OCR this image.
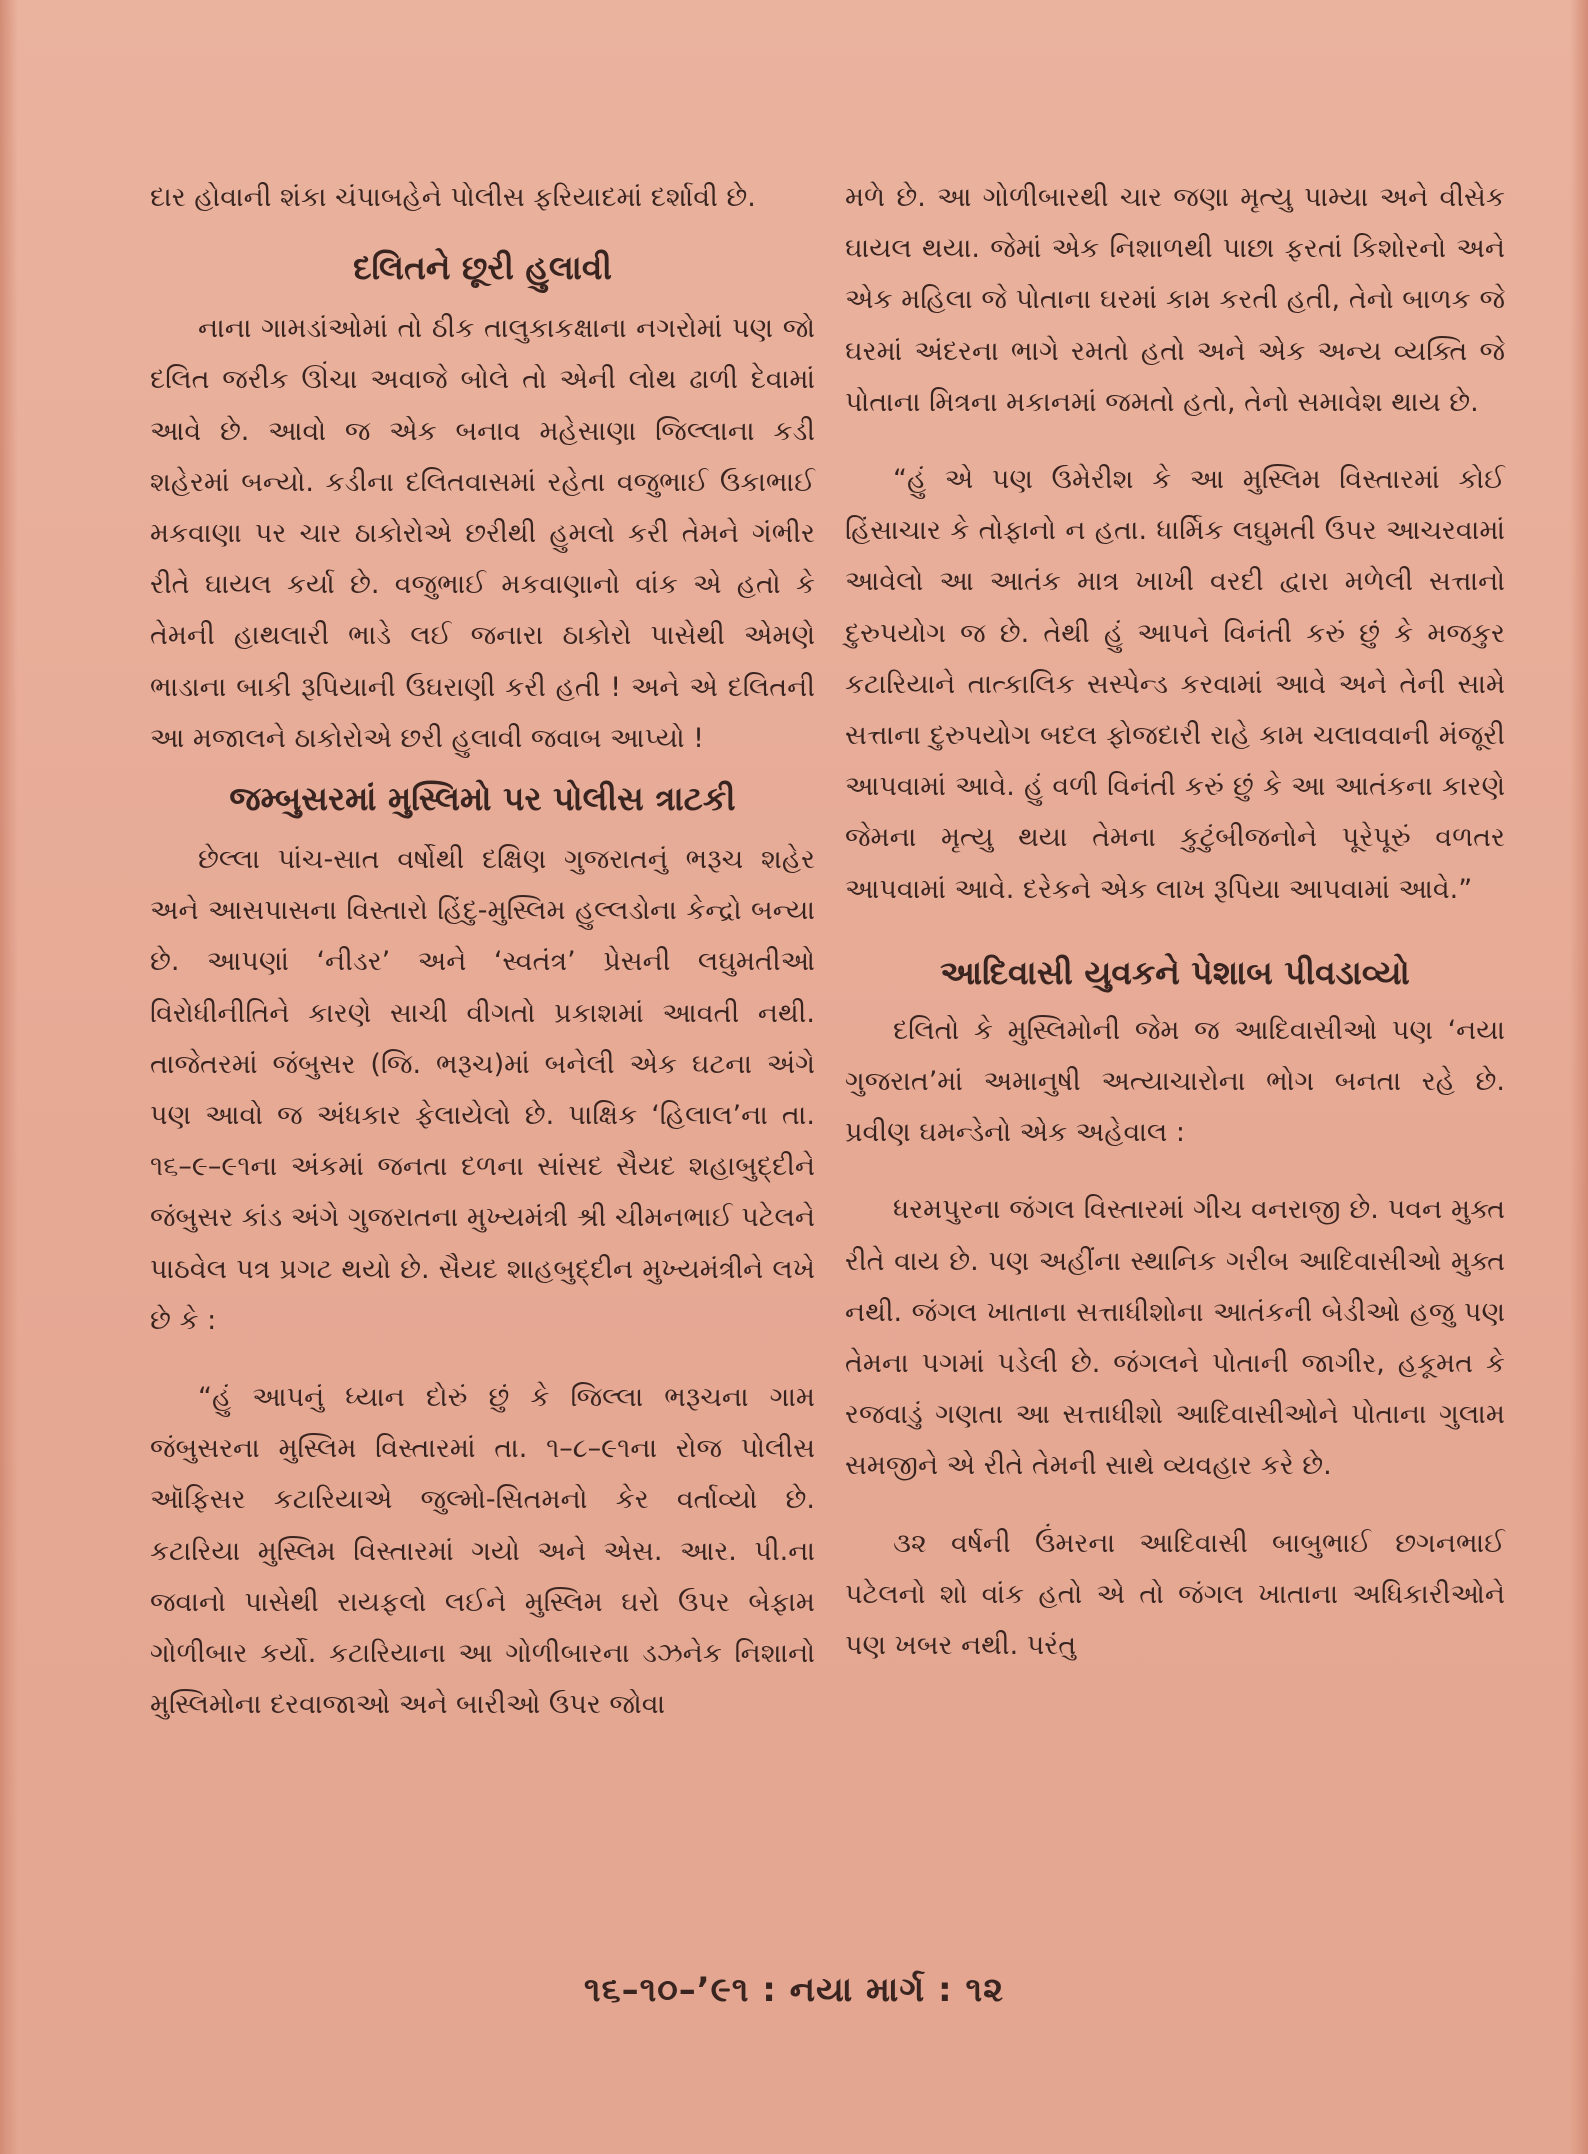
દાર હોવાની શંકા ચંપાબહેને પોલીસ ફરિયાદમાં દર્શાવી છે.

દલિતને છૂરી હુલાવી

નાના ગામડાંઓમાં તો ઠીક તાલુકાકક્ષાના નગરોમાં પણ જો દલિત જરીક ઊંચા અવાજે બોલે તો એની લોથ ઢાળી દેવામાં આવે છે. આવો જ એક બનાવ મહેસાણા જિલ્લાના કડી શહેરમાં બન્યો. કડીના દલિતવાસમાં રહેતા વજુભાઈ ઉકાભાઈ મકવાણા પર ચાર ઠાકોરોએ છરીથી હુમલો કરી તેમને ગંભીર રીતે ઘાયલ કર્યા છે. વજુભાઈ મકવાણાનો વાંક એ હતો કે તેમની હાથલારી ભાડે લઈ જનારા ઠાકોરો પાસેથી એમણે ભાડાના બાકી રૂપિયાની ઉઘરાણી કરી હતી ! અને એ દલિતની આ મજાલને ઠાકોરોએ છરી હુલાવી જવાબ આપ્યો !

જમ્બુસરમાં મુસ્લિમો પર પોલીસ ત્રાટકી

છેલ્લા પાંચ-સાત વર્ષોથી દક્ષિણ ગુજરાતનું ભરૂચ શહેર અને આસપાસના વિસ્તારો હિંદુ-મુસ્લિમ હુલ્લડોના કેન્દ્રો બન્યા છે. આપણાં ‘નીડર’ અને ‘સ્વતંત્ર’ પ્રેસની લઘુમતીઓ વિરોધીનીતિને કારણે સાચી વીગતો પ્રકાશમાં આવતી નથી. તાજેતરમાં જંબુસર (જિ. ભરૂચ)માં બનેલી એક ઘટના અંગે પણ આવો જ અંધકાર ફેલાયેલો છે. પાક્ષિક ‘હિલાલ’ના તા. ૧૬–૯–૯૧ના અંકમાં જનતા દળના સાંસદ સૈયદ શહાબુદ્દીને જંબુસર કાંડ અંગે ગુજરાતના મુખ્યમંત્રી શ્રી ચીમનભાઈ પટેલને પાઠવેલ પત્ર પ્રગટ થયો છે. સૈયદ શાહબુદ્દીન મુખ્યમંત્રીને લખે છે કે :

“હું આપનું ધ્યાન દોરું છું કે જિલ્લા ભરૂચના ગામ જંબુસરના મુસ્લિમ વિસ્તારમાં તા. ૧–૮–૯૧ના રોજ પોલીસ ઑફિસર કટારિયાએ જુલ્મો-સિતમનો કેર વર્તાવ્યો છે. કટારિયા મુસ્લિમ વિસ્તારમાં ગયો અને એસ. આર. પી.ના જવાનો પાસેથી રાયફલો લઈને મુસ્લિમ ઘરો ઉપર બેફામ ગોળીબાર કર્યો. કટારિયાના આ ગોળીબારના ડઝનેક નિશાનો મુસ્લિમોના દરવાજાઓ અને બારીઓ ઉપર જોવા

મળે છે. આ ગોળીબારથી ચાર જણા મૃત્યુ પામ્યા અને વીસેક ઘાયલ થયા. જેમાં એક નિશાળથી પાછા ફરતાં કિશોરનો અને એક મહિલા જે પોતાના ઘરમાં કામ કરતી હતી, તેનો બાળક જે ઘરમાં અંદરના ભાગે રમતો હતો અને એક અન્ય વ્યક્તિ જે પોતાના મિત્રના મકાનમાં જમતો હતો, તેનો સમાવેશ થાય છે.

“હું એ પણ ઉમેરીશ કે આ મુસ્લિમ વિસ્તારમાં કોઈ હિંસાચાર કે તોફાનો ન હતા. ધાર્મિક લઘુમતી ઉપર આચરવામાં આવેલો આ આતંક માત્ર ખાખી વરદી દ્વારા મળેલી સત્તાનો દુરુપયોગ જ છે. તેથી હું આપને વિનંતી કરું છું કે મજકુર કટારિયાને તાત્કાલિક સસ્પેન્ડ કરવામાં આવે અને તેની સામે સત્તાના દુરુપયોગ બદલ ફોજદારી રાહે કામ ચલાવવાની મંજૂરી આપવામાં આવે. હું વળી વિનંતી કરું છું કે આ આતંકના કારણે જેમના મૃત્યુ થયા તેમના કુટુંબીજનોને પૂરેપૂરું વળતર આપવામાં આવે. દરેકને એક લાખ રૂપિયા આપવામાં આવે.”

આદિવાસી યુવકને પેશાબ પીવડાવ્યો

દલિતો કે મુસ્લિમોની જેમ જ આદિવાસીઓ પણ ‘નયા ગુજરાત’માં અમાનુષી અત્યાચારોના ભોગ બનતા રહે છે. પ્રવીણ ઘમન્ડેનો એક અહેવાલ :

ધરમપુરના જંગલ વિસ્તારમાં ગીચ વનરાજી છે. પવન મુક્ત રીતે વાય છે. પણ અહીંના સ્થાનિક ગરીબ આદિવાસીઓ મુક્ત નથી. જંગલ ખાતાના સત્તાધીશોના આતંકની બેડીઓ હજુ પણ તેમના પગમાં પડેલી છે. જંગલને પોતાની જાગીર, હકૂમત કે રજવાડું ગણતા આ સત્તાધીશો આદિવાસીઓને પોતાના ગુલામ સમજીને એ રીતે તેમની સાથે વ્યવહાર કરે છે.

૩૨ વર્ષની ઉંમરના આદિવાસી બાબુભાઈ છગનભાઈ પટેલનો શો વાંક હતો એ તો જંગલ ખાતાના અધિકારીઓને પણ ખબર નથી. પરંતુ

૧૬–૧૦–’૯૧ : નયા માર્ગ : ૧૨
